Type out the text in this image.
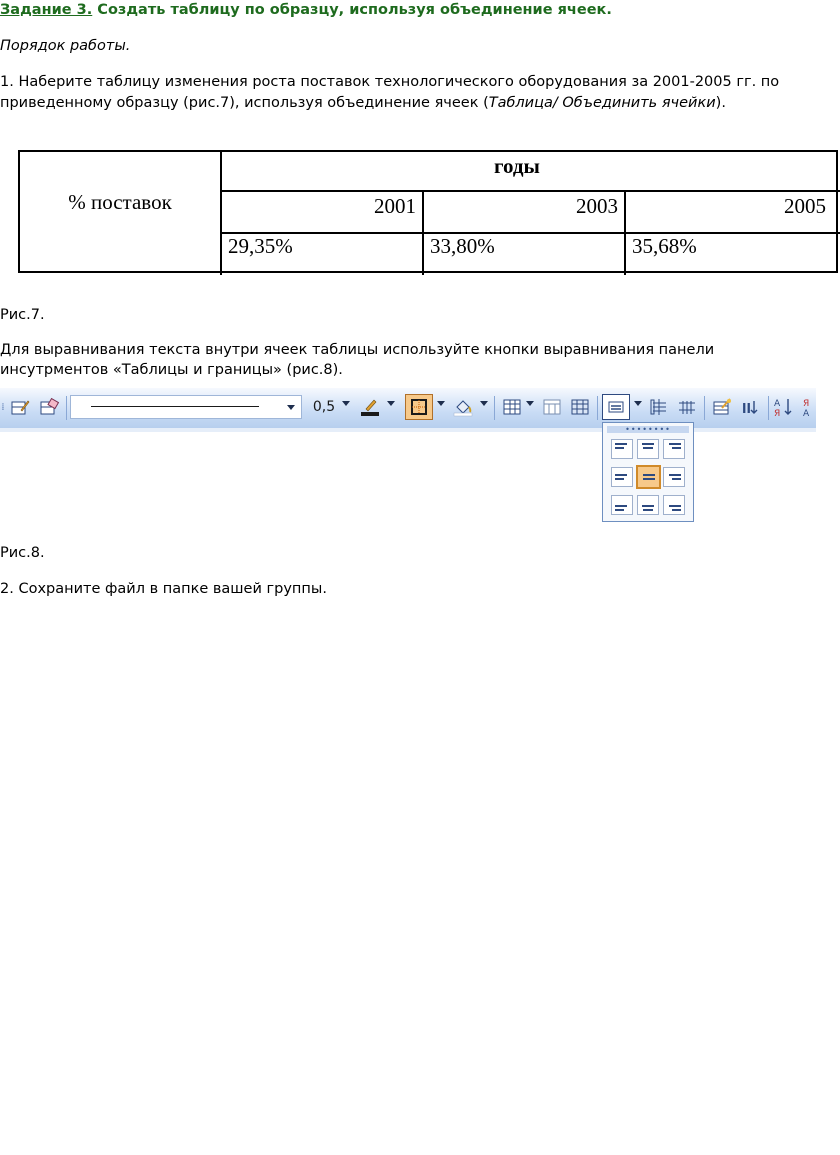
Задание 3. Создать таблицу по образцу, используя объединение ячеек.
Порядок работы.
1. Наберите таблицу изменения роста поставок технологического оборудования за 2001-2005 гг. по
приведенному образцу (рис.7), используя объединение ячеек (Таблица/ Объединить ячейки).
% поставок
годы
2001	2003	2005
29,35%	33,80%	35,68%
Рис.7.
Для выравнивания текста внутри ячеек таблицы используйте кнопки выравнивания панели
инсутрментов «Таблицы и границы» (рис.8).
⁞	0,5	ll	A
Я
Я
A
••••••••
Рис.8.
2. Сохраните файл в папке вашей группы.
